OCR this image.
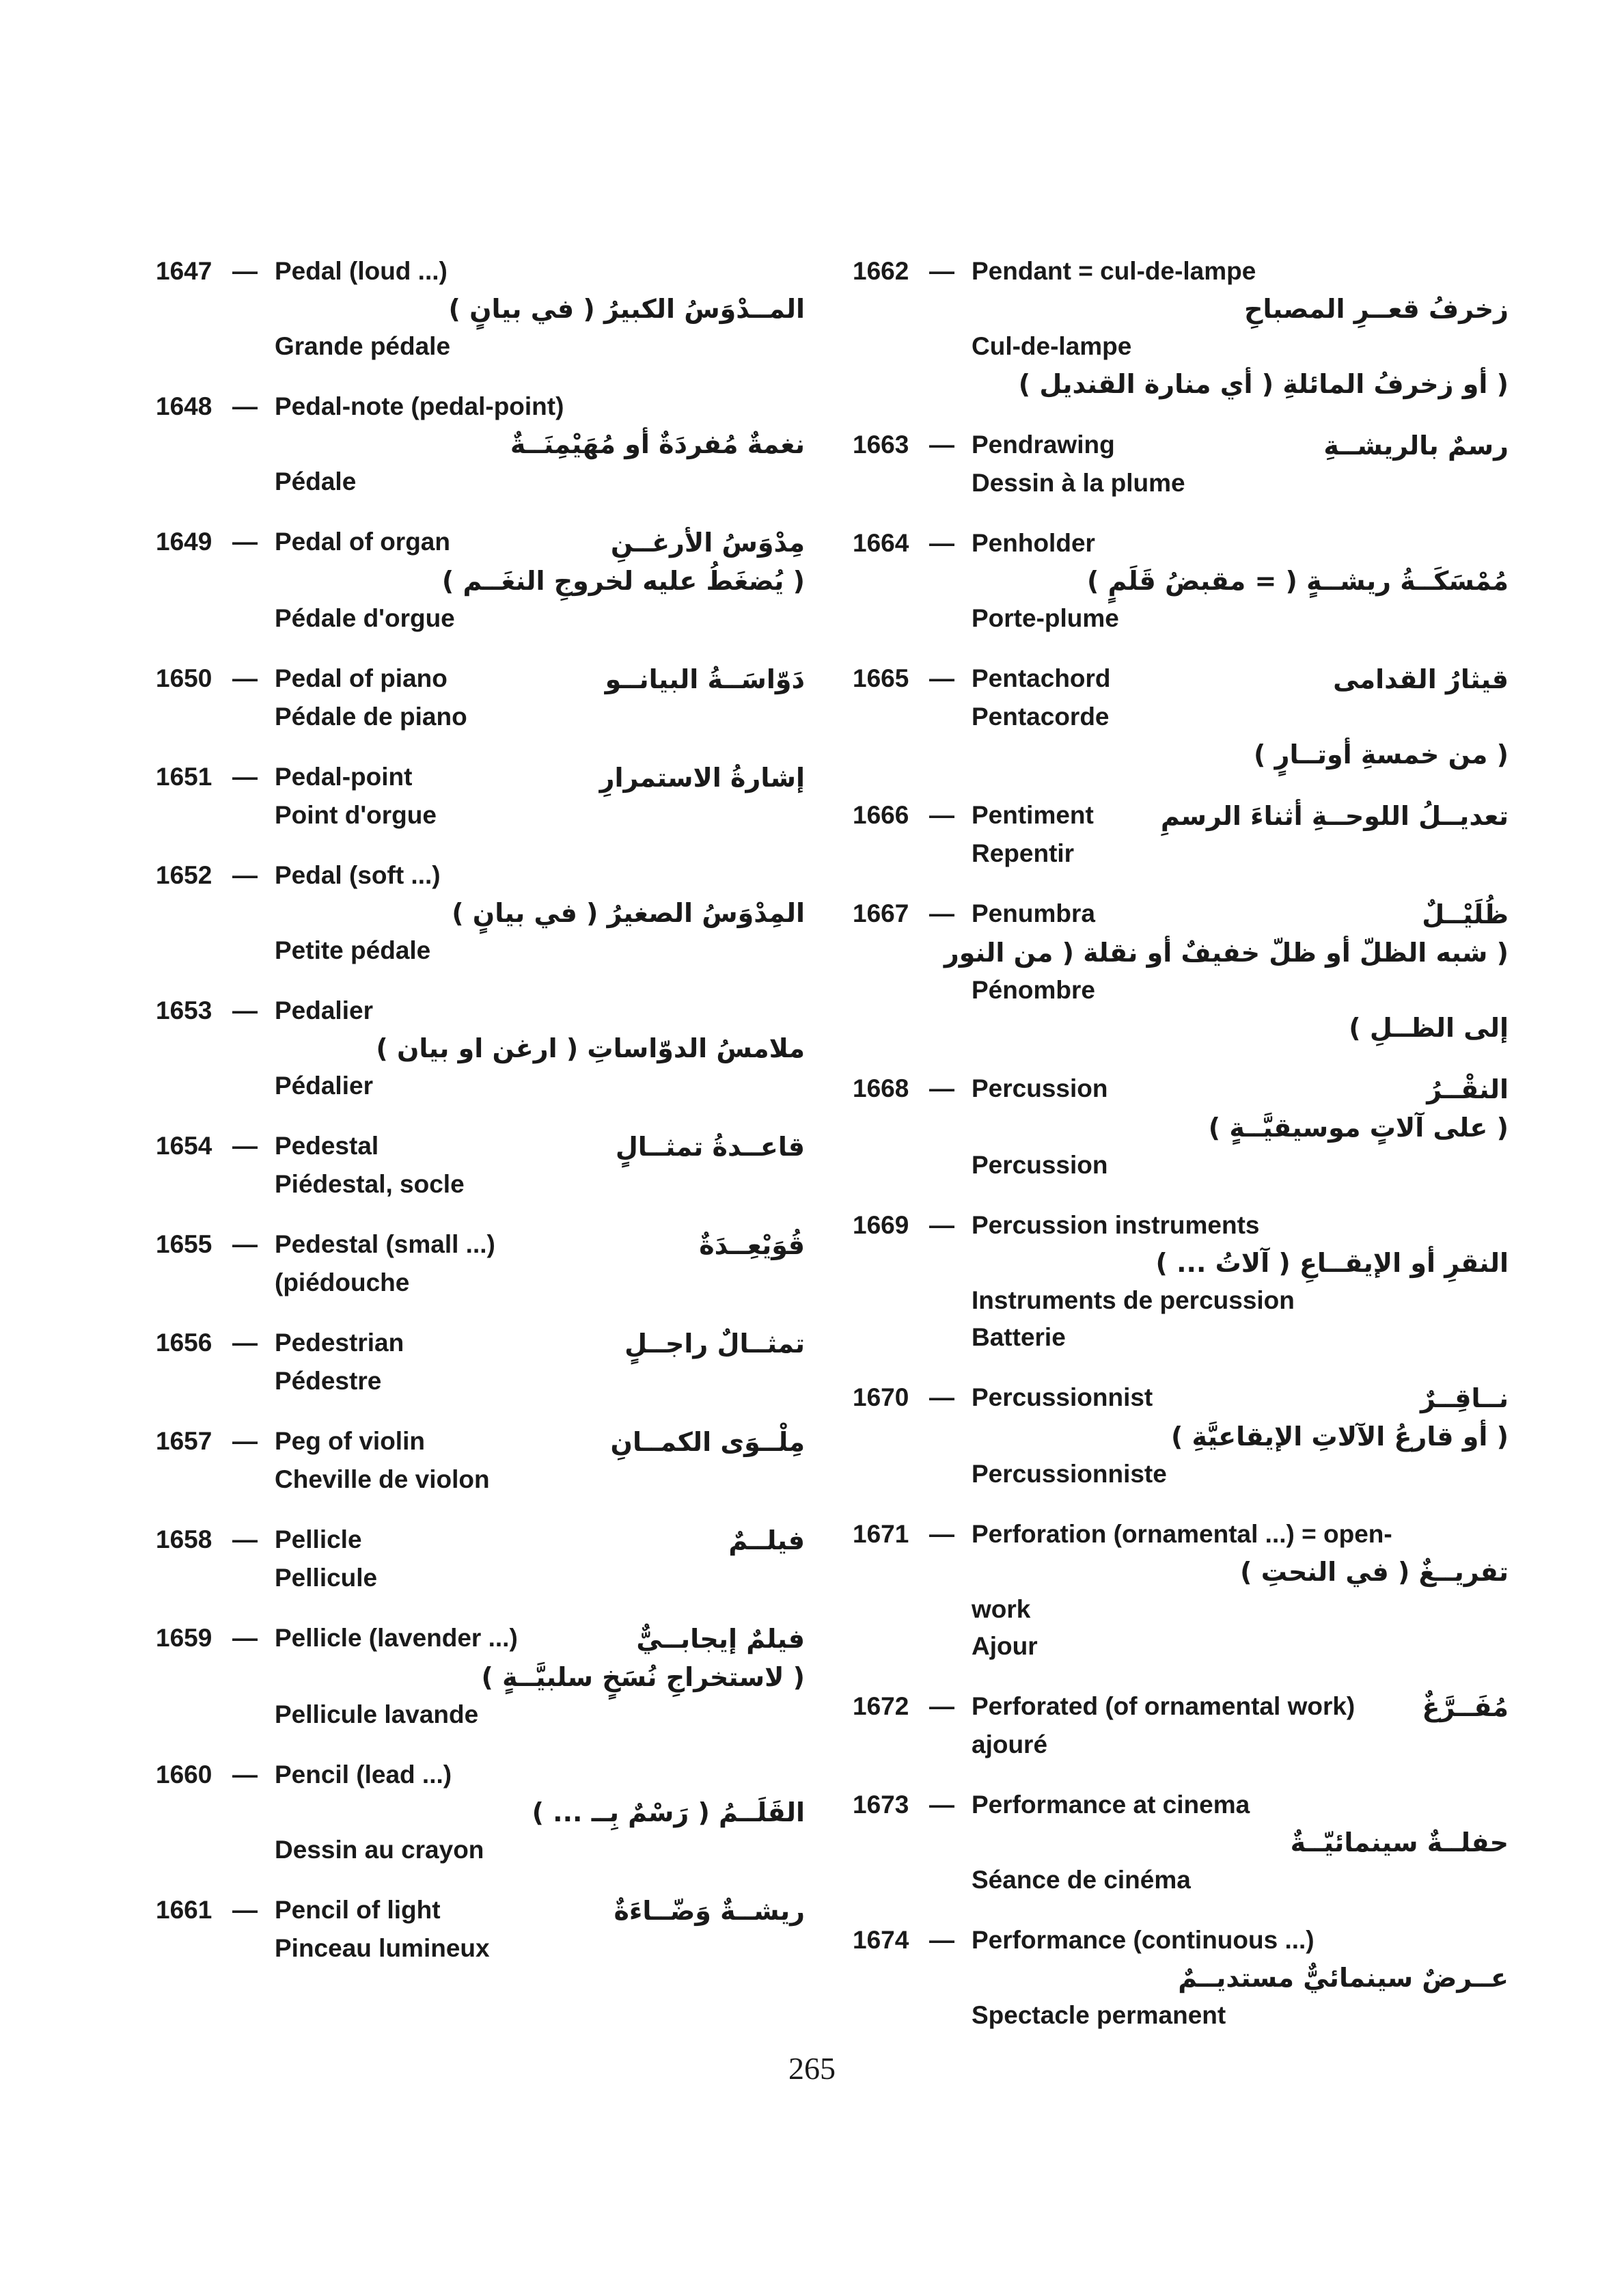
1647 — Pedal (loud ...)
المــدْوَسُ الكبيرُ ( في بيانٍ )
Grande pédale
1648 — Pedal-note (pedal-point)
نغمةٌ مُفردَةٌ أو مُهَيْمِنَــةٌ
Pédale
1649 — Pedal of organ	مِدْوَسُ الأرغــنِ
( يُضغَطُ عليه لخروجِ النغَــم )
Pédale d'orgue
1650 — Pedal of piano	دَوّاسَــةُ البيانــو
Pédale de piano
1651 — Pedal-point	إشارةُ الاستمرارِ
Point d'orgue
1652 — Pedal (soft ...)
المِدْوَسُ الصغيرُ ( في بيانٍ )
Petite pédale
1653 — Pedalier
ملامسُ الدوّاساتِ ( ارغن او بيان )
Pédalier
1654 — Pedestal	قاعــدةُ تمثــالٍ
Piédestal, socle
1655 — Pedestal (small ...)	قُوَيْعِــدَةٌ
(piédouche
1656 — Pedestrian	تمثــالٌ راجــلٍ
Pédestre
1657 — Peg of violin	مِلْــوَى الكمــانِ
Cheville de violon
1658 — Pellicle	فيلــمٌ
Pellicule
1659 — Pellicle (lavender ...)	فيلمٌ إيجابــيٌّ
( لاستخراجِ نُسَخٍ سلبيَّــةٍ )
Pellicule lavande
1660 — Pencil (lead ...)
القَلَــمُ ( رَسْمٌ بِــ ... )
Dessin au crayon
1661 — Pencil of light	ريشــةٌ وَضّــاءَةٌ
Pinceau lumineux
1662 — Pendant = cul-de-lampe
زخرفُ قعــرِ المصباحِ
Cul-de-lampe
( أو زخرفُ المائلةِ ( أي منارة القنديل )
1663 — Pendrawing	رسمٌ بالريشــةِ
Dessin à la plume
1664 — Penholder
مُمْسَكَــةُ ريشــةٍ ( = مقبضُ قَلَمٍ )
Porte-plume
1665 — Pentachord	قيثارُ القدامى
Pentacorde
( من خمسةِ أوتــارٍ )
1666 — Pentiment	تعديــلُ اللوحــةِ أثناءَ الرسمِ
Repentir
1667 — Penumbra	ظُلَيْــلٌ
( شبه الظلّ أو ظلّ خفيفٌ أو نقلة ( من النور
Pénombre
إلى الظــلِ )
1668 — Percussion	النقْــرُ
( على آلاتٍ موسيقيَّــةٍ )
Percussion
1669 — Percussion instruments
النقرِ أو الإيقــاعِ ( آلاتُ ... )
Instruments de percussion
Batterie
1670 — Percussionnist	نــاقِــرٌ
( أو قارعُ الآلاتِ الإيقاعيَّةِ )
Percussionniste
1671 — Perforation (ornamental ...) = open-
تفريــغٌ ( في النحتِ )
work
Ajour
1672 — Perforated (of ornamental work)	مُفَــرَّغٌ
ajouré
1673 — Performance at cinema
حفلــةٌ سينمائيّــةٌ
Séance de cinéma
1674 — Performance (continuous ...)
عــرضٌ سينمائيٌّ مستديــمٌ
Spectacle permanent
265
